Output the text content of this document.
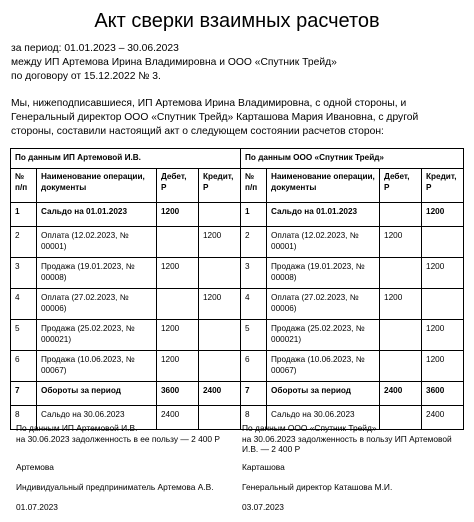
Акт сверки взаимных расчетов
за период: 01.01.2023 – 30.06.2023
между ИП Артемова Ирина Владимировна и ООО «Спутник Трейд»
по договору от 15.12.2022 № 3.
Мы, нижеподписавшиеся, ИП Артемова Ирина Владимировна, с одной стороны, и
Генеральный директор ООО «Спутник Трейд» Карташова Мария Ивановна, с другой
стороны, составили настоящий акт о следующем состоянии расчетов сторон:
По данным ИП Артемовой И.В.				По данным ООО «Спутник Трейд»			
№ п/п	Наименование операции, документы	Дебет, Р	Кредит, Р	№ п/п	Наименование операции, документы	Дебет, Р	Кредит, Р
1	Сальдо на 01.01.2023	1200		1	Сальдо на 01.01.2023		1200
2	Оплата (12.02.2023, № 00001)		1200	2	Оплата (12.02.2023, № 00001)	1200	
3	Продажа (19.01.2023, № 00008)	1200		3	Продажа (19.01.2023, № 00008)		1200
4	Оплата (27.02.2023, № 00006)		1200	4	Оплата (27.02.2023, № 00006)	1200	
5	Продажа (25.02.2023, № 000021)	1200		5	Продажа (25.02.2023, № 000021)		1200
6	Продажа (10.06.2023, № 00067)	1200		6	Продажа (10.06.2023, № 00067)		1200
7	Обороты за период	3600	2400	7	Обороты за период	2400	3600
8	Сальдо на 30.06.2023	2400		8	Сальдо на 30.06.2023		2400
По данным ИП Артемовой И.В.
на 30.06.2023 задолженность в ее пользу — 2 400 Р
Артемова
Индивидуальный предприниматель Артемова А.В.
01.07.2023
По данным ООО «Спутник Трейд»
на 30.06.2023 задолженность в пользу ИП Артемовой
И.В. — 2 400 Р
Карташова
Генеральный директор Каташова М.И.
03.07.2023
